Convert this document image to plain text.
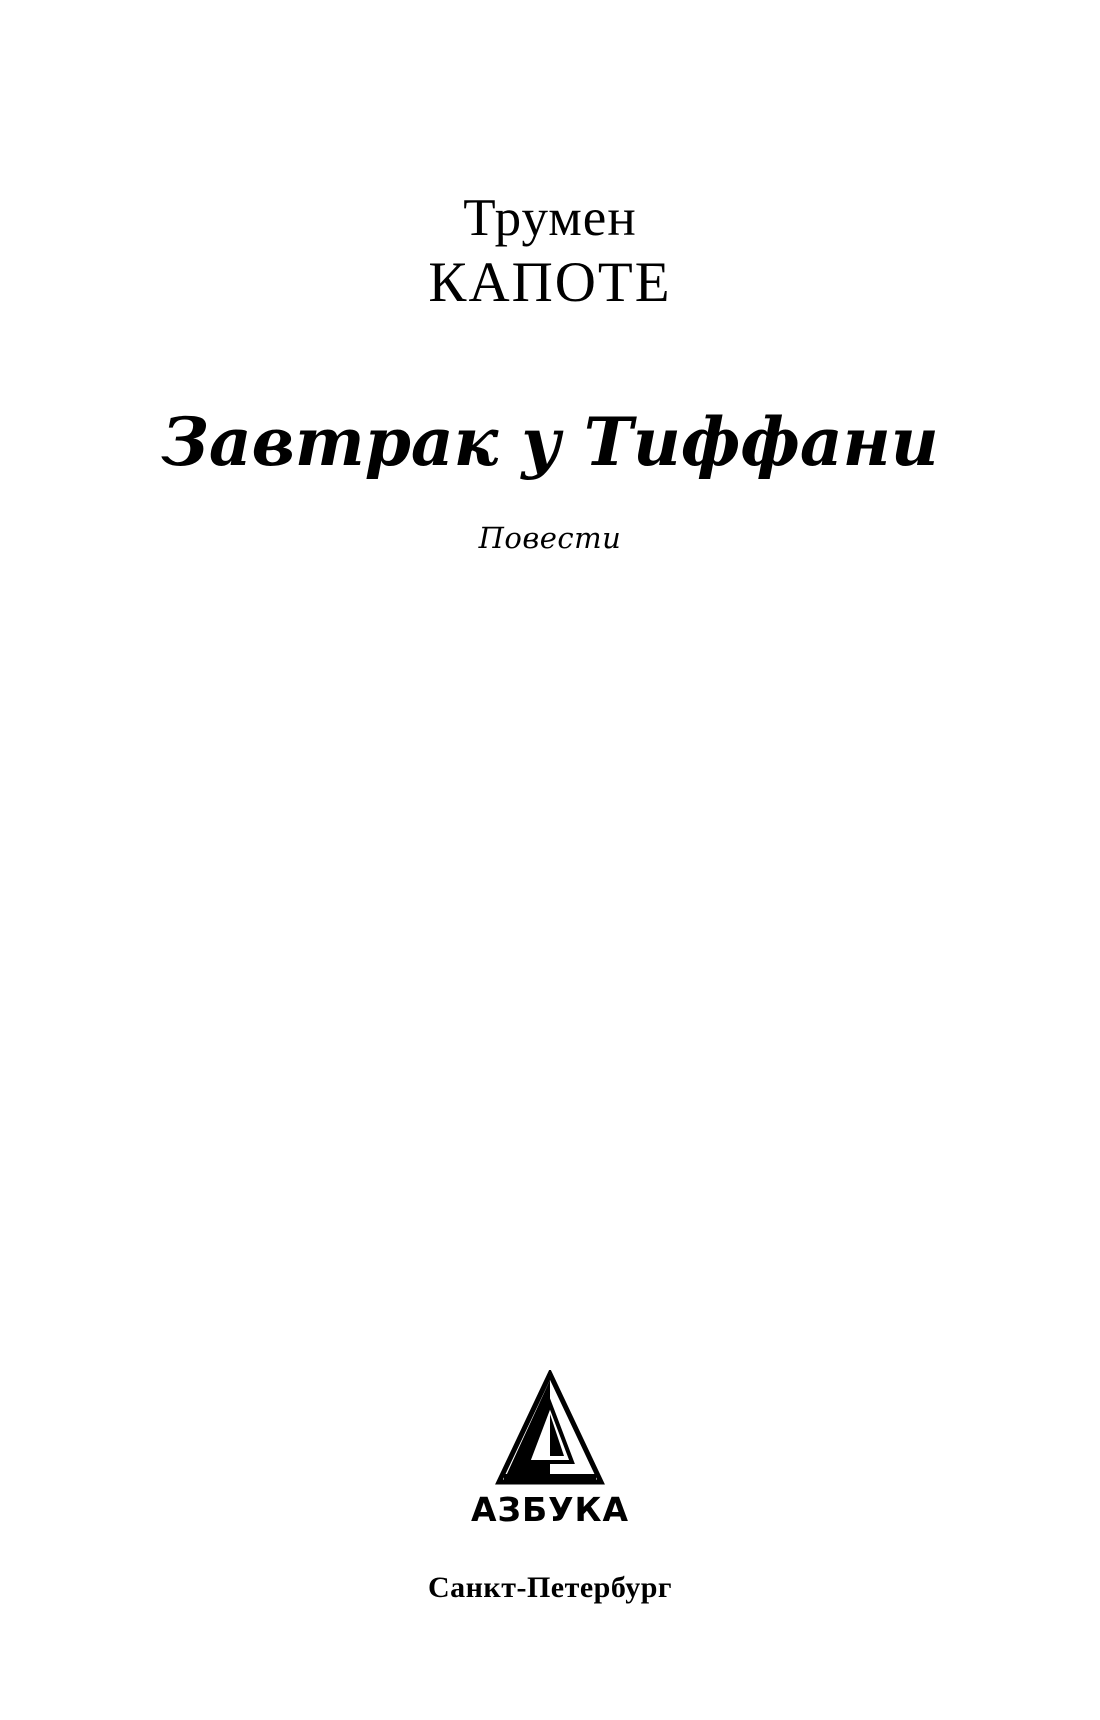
Трумен
КАПОТЕ
Завтрак у Тиффани
Повести
АЗБУКА
Санкт-Петербург
